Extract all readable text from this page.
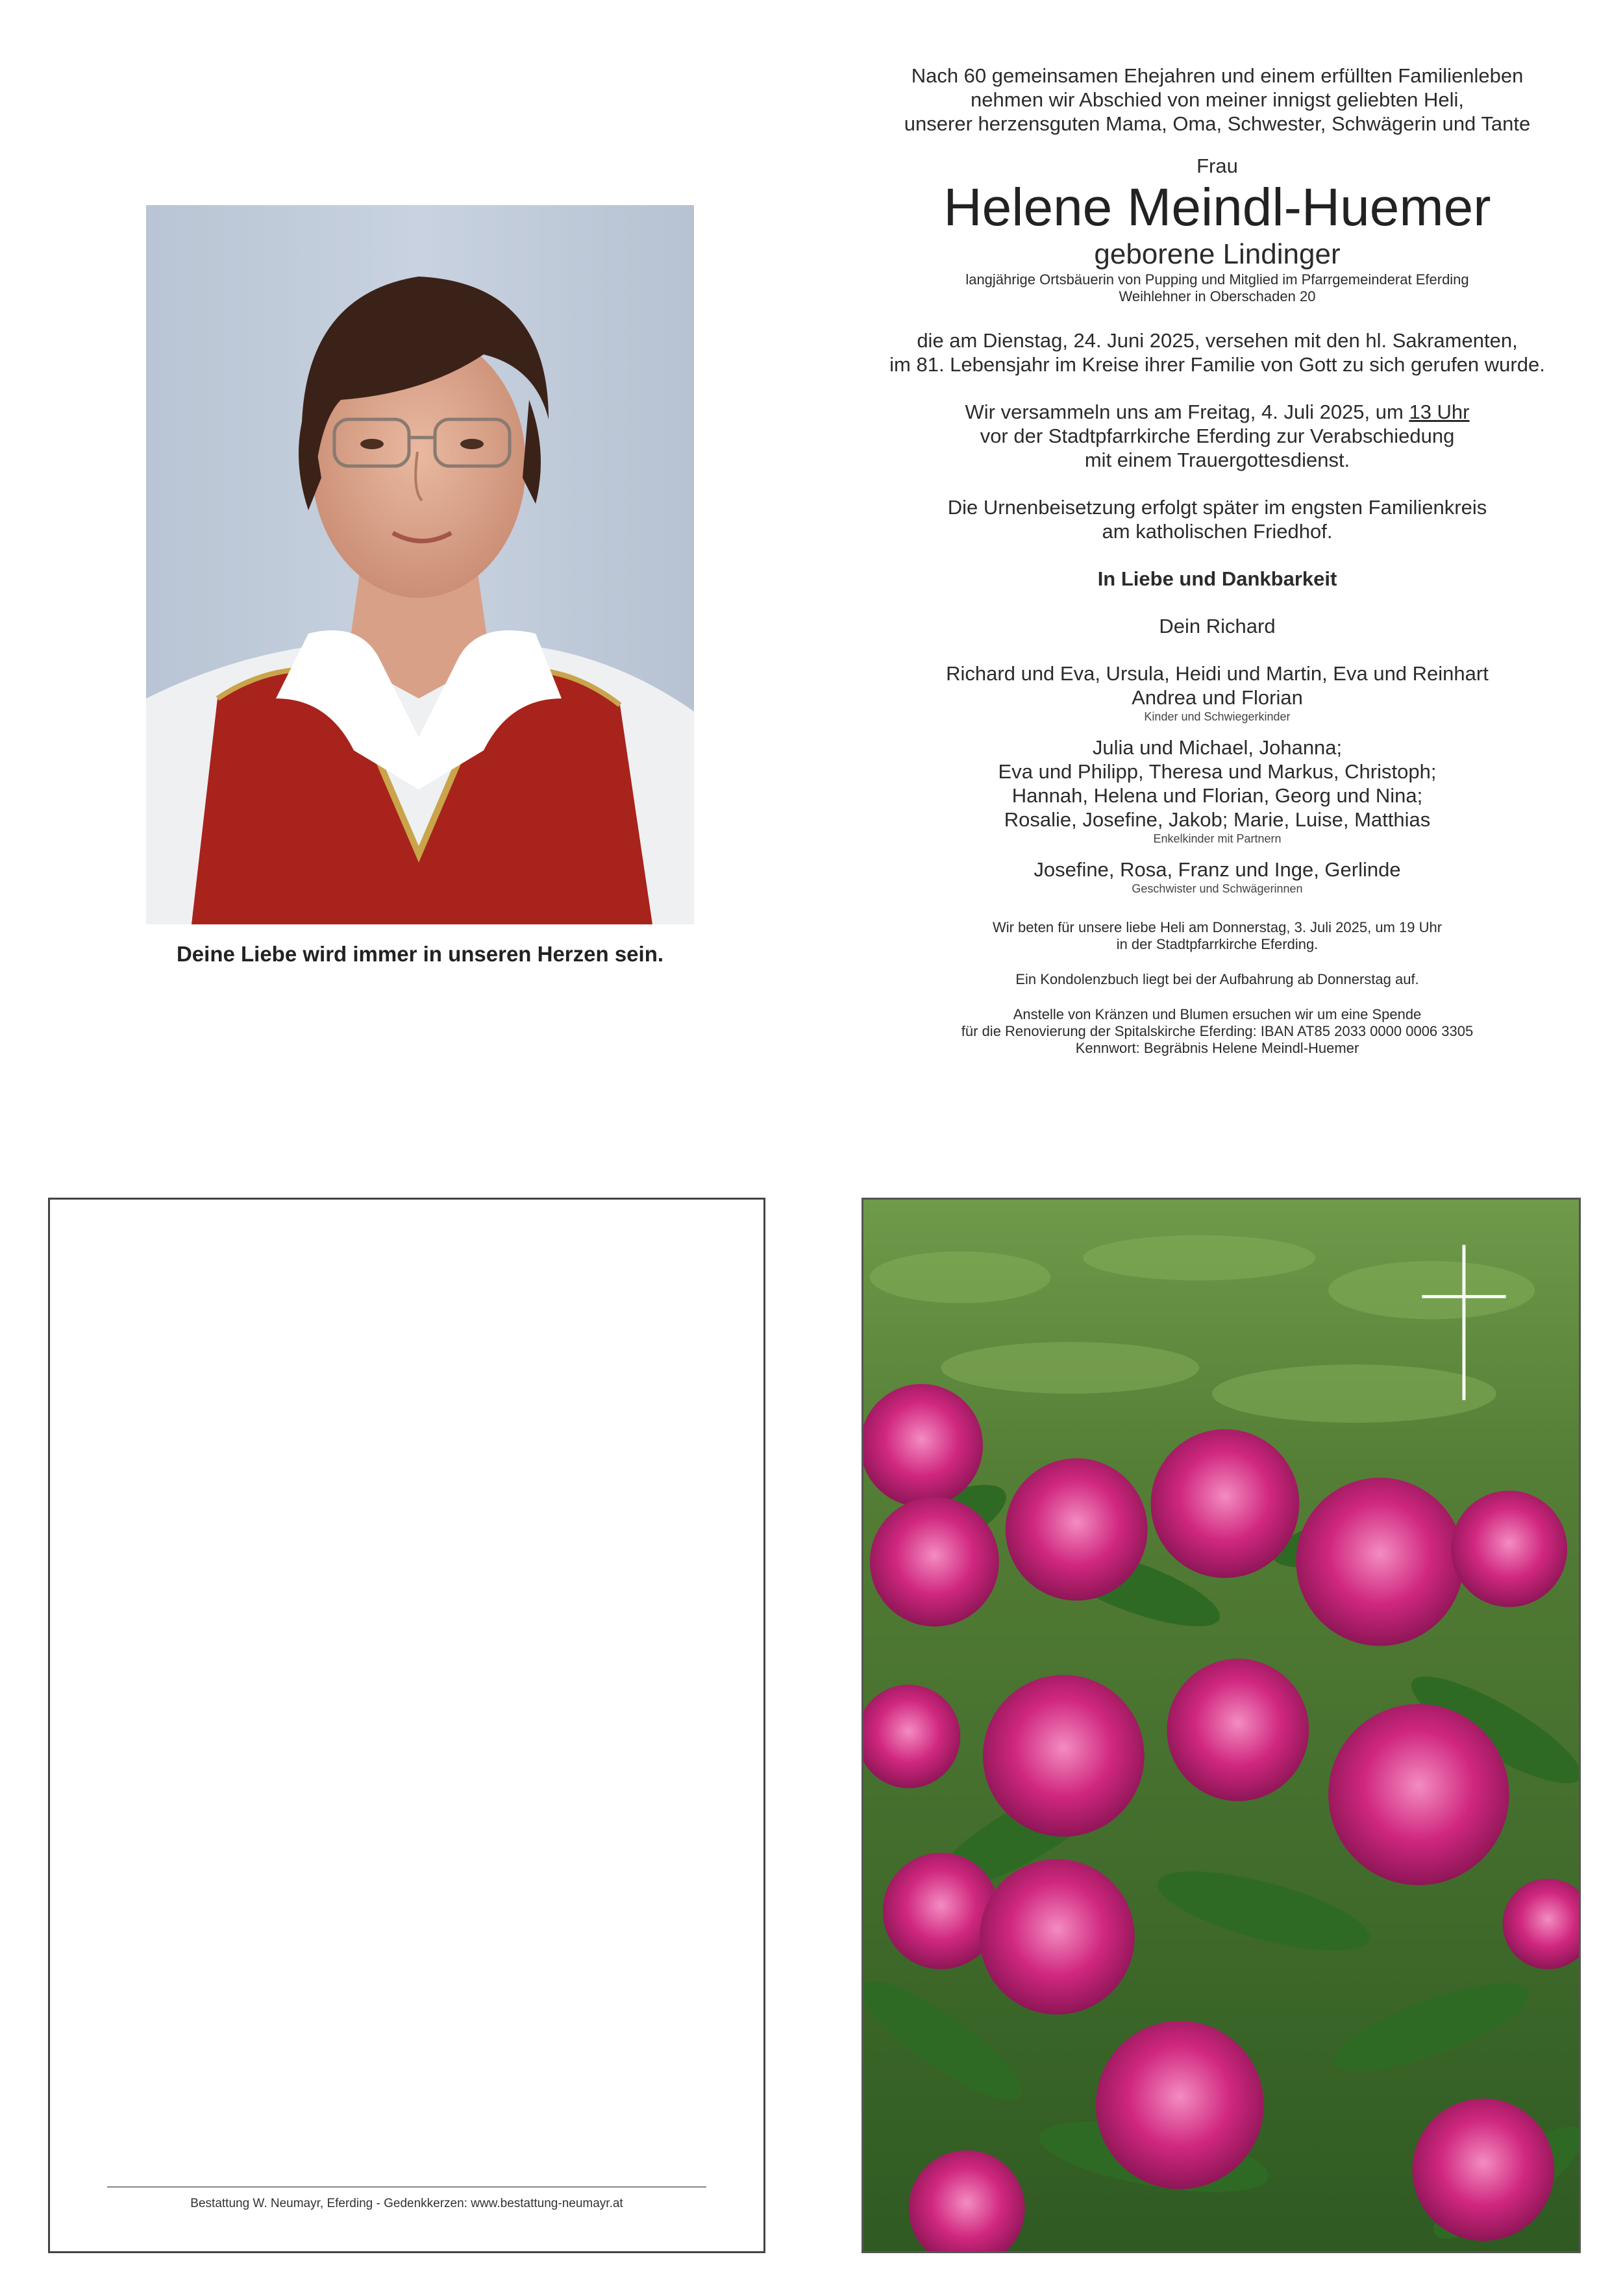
Deine Liebe wird immer in unseren Herzen sein.

Nach 60 gemeinsamen Ehejahren und einem erfüllten Familienleben

nehmen wir Abschied von meiner innigst geliebten Heli,

unserer herzensguten Mama, Oma, Schwester, Schwägerin und Tante

Frau

Helene Meindl-Huemer

geborene Lindinger

langjährige Ortsbäuerin von Pupping und Mitglied im Pfarrgemeinderat Eferding

Weihlehner in Oberschaden 20

die am Dienstag, 24. Juni 2025, versehen mit den hl. Sakramenten,

im 81. Lebensjahr im Kreise ihrer Familie von Gott zu sich gerufen wurde.

Wir versammeln uns am Freitag, 4. Juli 2025, um 13 Uhr

vor der Stadtpfarrkirche Eferding zur Verabschiedung

mit einem Trauergottesdienst.

Die Urnenbeisetzung erfolgt später im engsten Familienkreis

am katholischen Friedhof.

In Liebe und Dankbarkeit

Dein Richard

Richard und Eva, Ursula, Heidi und Martin, Eva und Reinhart

Andrea und Florian

Kinder und Schwiegerkinder

Julia und Michael, Johanna;

Eva und Philipp, Theresa und Markus, Christoph;

Hannah, Helena und Florian, Georg und Nina;

Rosalie, Josefine, Jakob; Marie, Luise, Matthias

Enkelkinder mit Partnern

Josefine, Rosa, Franz und Inge, Gerlinde

Geschwister und Schwägerinnen

Wir beten für unsere liebe Heli am Donnerstag, 3. Juli 2025, um 19 Uhr

in der Stadtpfarrkirche Eferding.

Ein Kondolenzbuch liegt bei der Aufbahrung ab Donnerstag auf.

Anstelle von Kränzen und Blumen ersuchen wir um eine Spende

für die Renovierung der Spitalskirche Eferding: IBAN AT85 2033 0000 0006 3305

Kennwort: Begräbnis Helene Meindl-Huemer

Bestattung W. Neumayr, Eferding - Gedenkkerzen: www.bestattung-neumayr.at
